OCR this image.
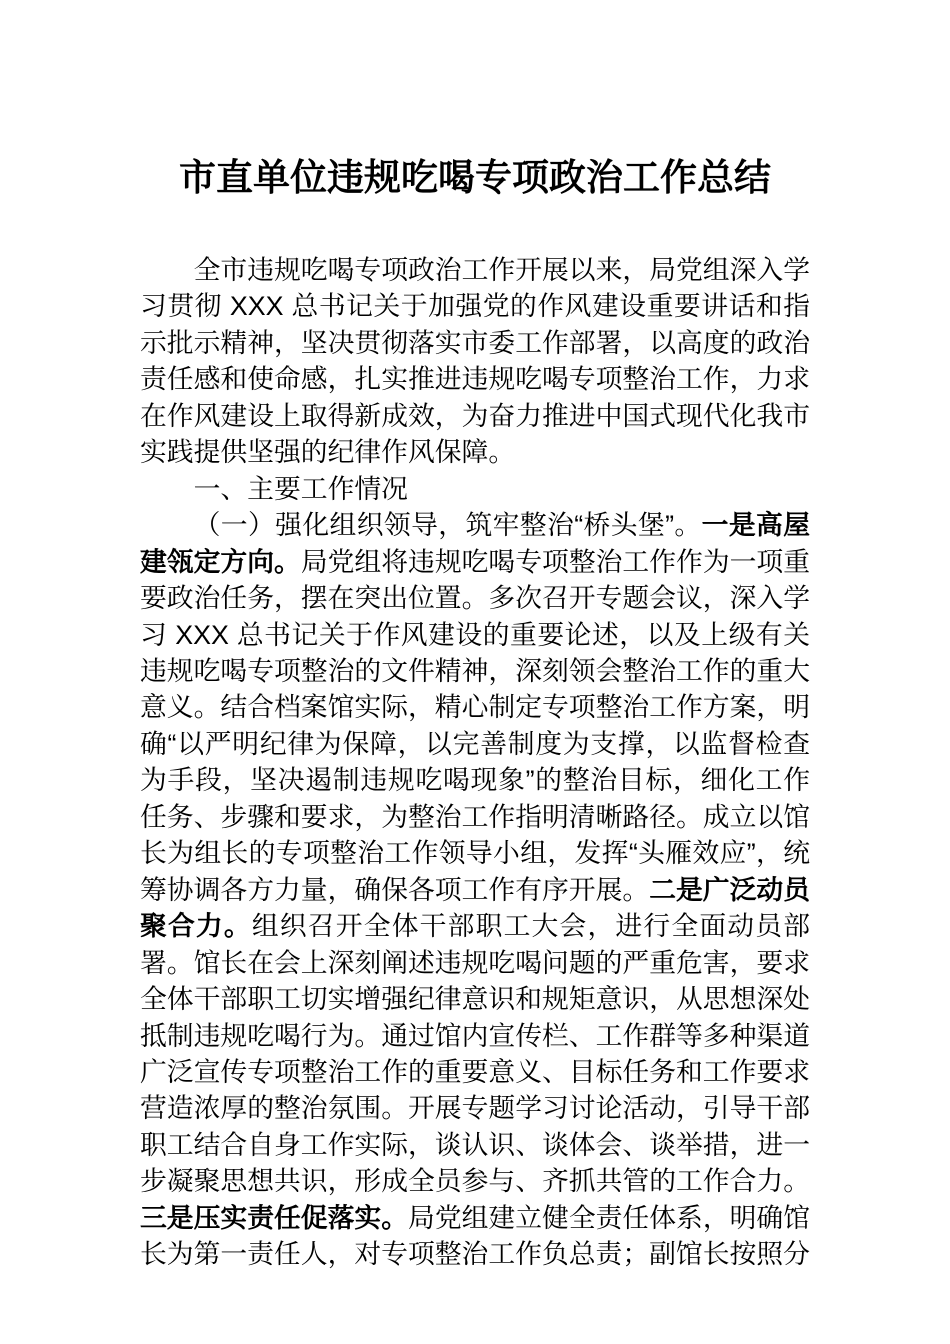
市直单位违规吃喝专项政治工作总结

全市违规吃喝专项政治工作开展以来，局党组深入学习贯彻 XXX 总书记关于加强党的作风建设重要讲话和指示批示精神，坚决贯彻落实市委工作部署，以高度的政治责任感和使命感，扎实推进违规吃喝专项整治工作，力求在作风建设上取得新成效，为奋力推进中国式现代化我市实践提供坚强的纪律作风保障。

一、主要工作情况

（一）强化组织领导，筑牢整治“桥头堡”。一是高屋建瓴定方向。局党组将违规吃喝专项整治工作作为一项重要政治任务，摆在突出位置。多次召开专题会议，深入学习 XXX 总书记关于作风建设的重要论述，以及上级有关违规吃喝专项整治的文件精神，深刻领会整治工作的重大意义。结合档案馆实际，精心制定专项整治工作方案，明确“以严明纪律为保障，以完善制度为支撑，以监督检查为手段，坚决遏制违规吃喝现象”的整治目标，细化工作任务、步骤和要求，为整治工作指明清晰路径。成立以馆长为组长的专项整治工作领导小组，发挥“头雁效应”，统筹协调各方力量，确保各项工作有序开展。二是广泛动员聚合力。组织召开全体干部职工大会，进行全面动员部署。馆长在会上深刻阐述违规吃喝问题的严重危害，要求全体干部职工切实增强纪律意识和规矩意识，从思想深处抵制违规吃喝行为。通过馆内宣传栏、工作群等多种渠道广泛宣传专项整治工作的重要意义、目标任务和工作要求营造浓厚的整治氛围。开展专题学习讨论活动，引导干部职工结合自身工作实际，谈认识、谈体会、谈举措，进一步凝聚思想共识，形成全员参与、齐抓共管的工作合力。三是压实责任促落实。局党组建立健全责任体系，明确馆长为第一责任人，对专项整治工作负总责；副馆长按照分
